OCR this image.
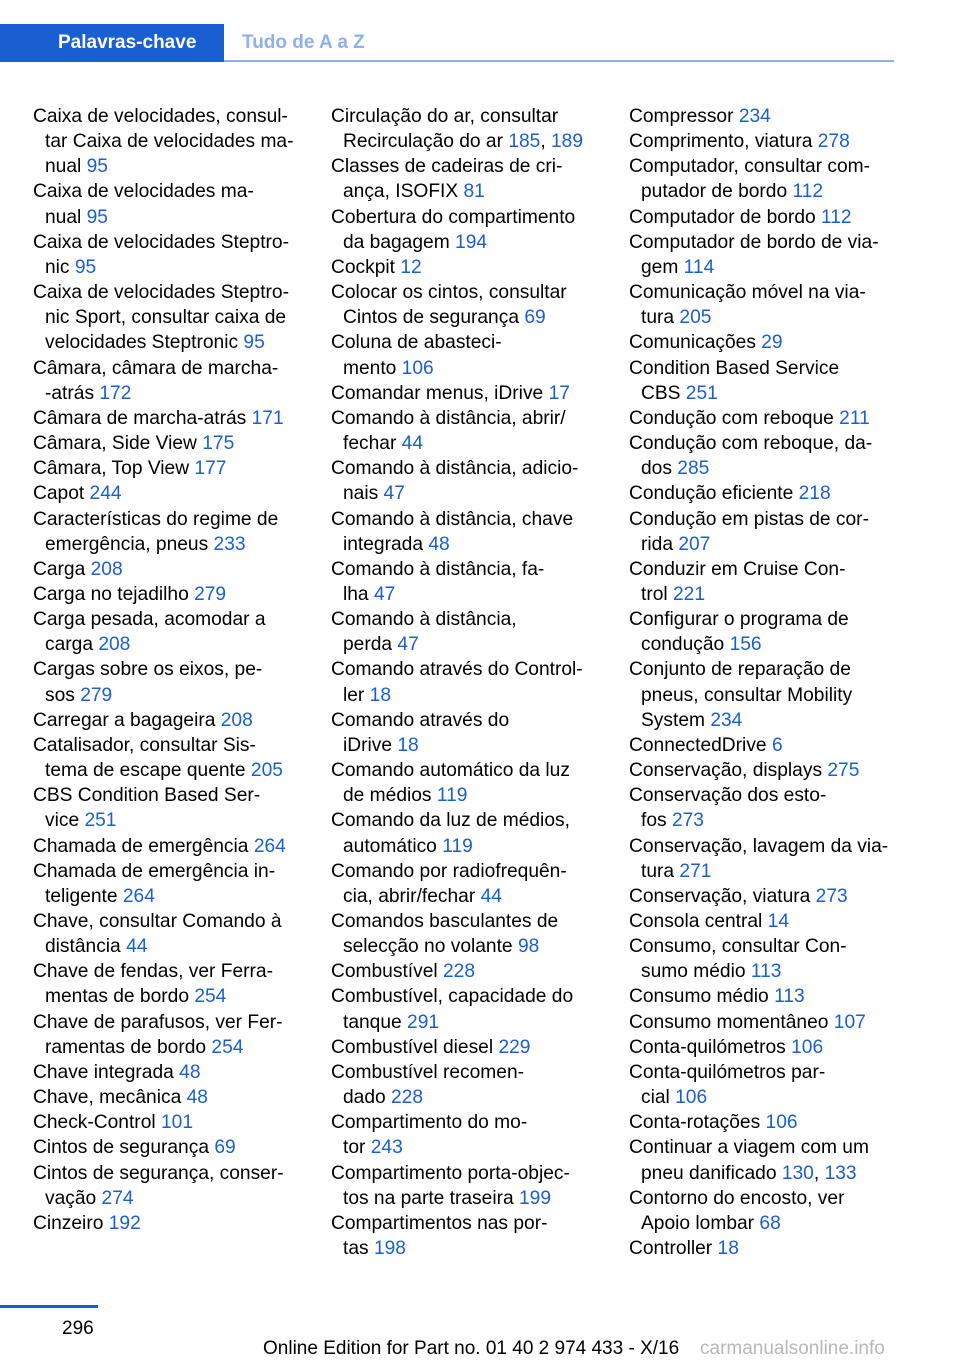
Palavras-chave	Tudo de A a Z

Caixa de velocidades, consul-
tar Caixa de velocidades ma-
nual 95

Caixa de velocidades ma-
nual 95

Caixa de velocidades Steptro-
nic 95

Caixa de velocidades Steptro-
nic Sport, consultar caixa de
velocidades Steptronic 95

Câmara, câmara de marcha-
-atrás 172

Câmara de marcha-atrás 171

Câmara, Side View 175

Câmara, Top View 177

Capot 244

Características do regime de
emergência, pneus 233

Carga 208

Carga no tejadilho 279

Carga pesada, acomodar a
carga 208

Cargas sobre os eixos, pe-
sos 279

Carregar a bagageira 208

Catalisador, consultar Sis-
tema de escape quente 205

CBS Condition Based Ser-
vice 251

Chamada de emergência 264

Chamada de emergência in-
teligente 264

Chave, consultar Comando à
distância 44

Chave de fendas, ver Ferra-
mentas de bordo 254

Chave de parafusos, ver Fer-
ramentas de bordo 254

Chave integrada 48

Chave, mecânica 48

Check-Control 101

Cintos de segurança 69

Cintos de segurança, conser-
vação 274

Cinzeiro 192

Circulação do ar, consultar
Recirculação do ar 185, 189

Classes de cadeiras de cri-
ança, ISOFIX 81

Cobertura do compartimento
da bagagem 194

Cockpit 12

Colocar os cintos, consultar
Cintos de segurança 69

Coluna de abasteci-
mento 106

Comandar menus, iDrive 17

Comando à distância, abrir/
fechar 44

Comando à distância, adicio-
nais 47

Comando à distância, chave
integrada 48

Comando à distância, fa-
lha 47

Comando à distância,
perda 47

Comando através do Control-
ler 18

Comando através do
iDrive 18

Comando automático da luz
de médios 119

Comando da luz de médios,
automático 119

Comando por radiofrequên-
cia, abrir/fechar 44

Comandos basculantes de
selecção no volante 98

Combustível 228

Combustível, capacidade do
tanque 291

Combustível diesel 229

Combustível recomen-
dado 228

Compartimento do mo-
tor 243

Compartimento porta-objec-
tos na parte traseira 199

Compartimentos nas por-
tas 198

Compressor 234

Comprimento, viatura 278

Computador, consultar com-
putador de bordo 112

Computador de bordo 112

Computador de bordo de via-
gem 114

Comunicação móvel na via-
tura 205

Comunicações 29

Condition Based Service
CBS 251

Condução com reboque 211

Condução com reboque, da-
dos 285

Condução eficiente 218

Condução em pistas de cor-
rida 207

Conduzir em Cruise Con-
trol 221

Configurar o programa de
condução 156

Conjunto de reparação de
pneus, consultar Mobility
System 234

ConnectedDrive 6

Conservação, displays 275

Conservação dos esto-
fos 273

Conservação, lavagem da via-
tura 271

Conservação, viatura 273

Consola central 14

Consumo, consultar Con-
sumo médio 113

Consumo médio 113

Consumo momentâneo 107

Conta-quilómetros 106

Conta-quilómetros par-
cial 106

Conta-rotações 106

Continuar a viagem com um
pneu danificado 130, 133

Contorno do encosto, ver
Apoio lombar 68

Controller 18

296
Online Edition for Part no. 01 40 2 974 433 - X/16 carmanualsonline.info
